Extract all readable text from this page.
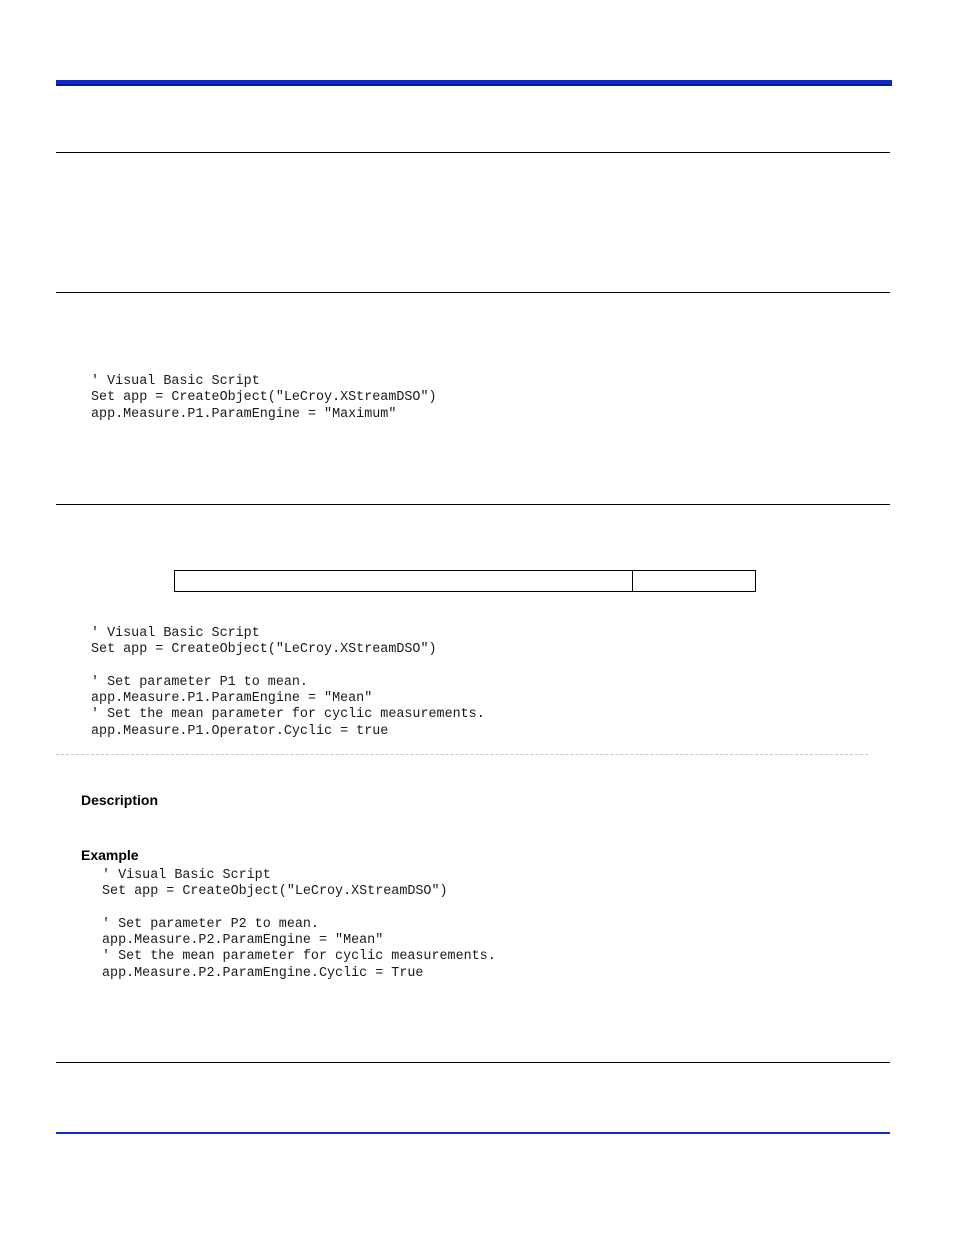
' Visual Basic Script
Set app = CreateObject("LeCroy.XStreamDSO")
app.Measure.P1.ParamEngine = "Maximum"
' Visual Basic Script
Set app = CreateObject("LeCroy.XStreamDSO")

' Set parameter P1 to mean.
app.Measure.P1.ParamEngine = "Mean"
' Set the mean parameter for cyclic measurements.
app.Measure.P1.Operator.Cyclic = true
Description
Example
' Visual Basic Script
Set app = CreateObject("LeCroy.XStreamDSO")

' Set parameter P2 to mean.
app.Measure.P2.ParamEngine = "Mean"
' Set the mean parameter for cyclic measurements.
app.Measure.P2.ParamEngine.Cyclic = True
